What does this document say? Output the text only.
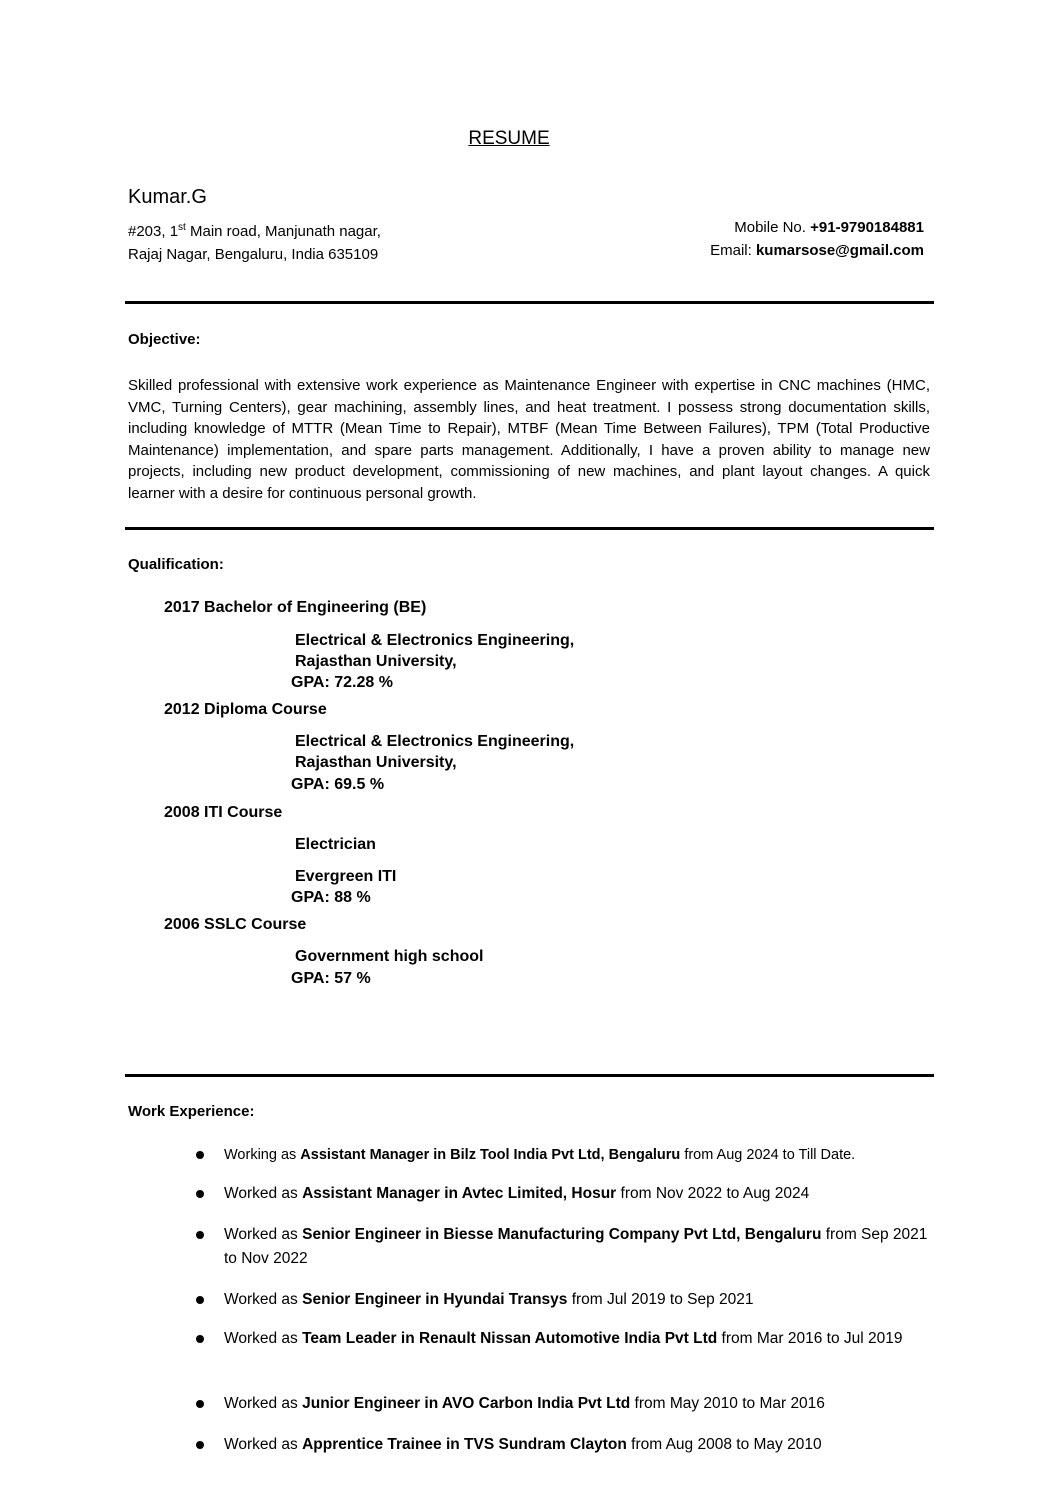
RESUME
Kumar.G
#203, 1st Main road, Manjunath nagar,
Rajaj Nagar, Bengaluru, India 635109
Mobile No. +91-9790184881
Email: kumarsose@gmail.com
Objective:
Skilled professional with extensive work experience as Maintenance Engineer with expertise in CNC machines (HMC, VMC, Turning Centers), gear machining, assembly lines, and heat treatment. I possess strong documentation skills, including knowledge of MTTR (Mean Time to Repair), MTBF (Mean Time Between Failures), TPM (Total Productive Maintenance) implementation, and spare parts management. Additionally, I have a proven ability to manage new projects, including new product development, commissioning of new machines, and plant layout changes. A quick learner with a desire for continuous personal growth.
Qualification:
2017 Bachelor of Engineering (BE)
Electrical & Electronics Engineering,
Rajasthan University,
GPA: 72.28 %
2012 Diploma Course
Electrical & Electronics Engineering,
Rajasthan University,
GPA: 69.5 %
2008 ITI Course
Electrician
Evergreen ITI
GPA: 88 %
2006 SSLC Course
Government high school
GPA: 57 %
Work Experience:
Working as Assistant Manager in Bilz Tool India Pvt Ltd, Bengaluru from Aug 2024 to Till Date.
Worked as Assistant Manager in Avtec Limited, Hosur from Nov 2022 to Aug 2024
Worked as Senior Engineer in Biesse Manufacturing Company Pvt Ltd, Bengaluru from Sep 2021 to Nov 2022
Worked as Senior Engineer in Hyundai Transys from Jul 2019 to Sep 2021
Worked as Team Leader in Renault Nissan Automotive India Pvt Ltd from Mar 2016 to Jul 2019
Worked as Junior Engineer in AVO Carbon India Pvt Ltd from May 2010 to Mar 2016
Worked as Apprentice Trainee in TVS Sundram Clayton from Aug 2008 to May 2010
